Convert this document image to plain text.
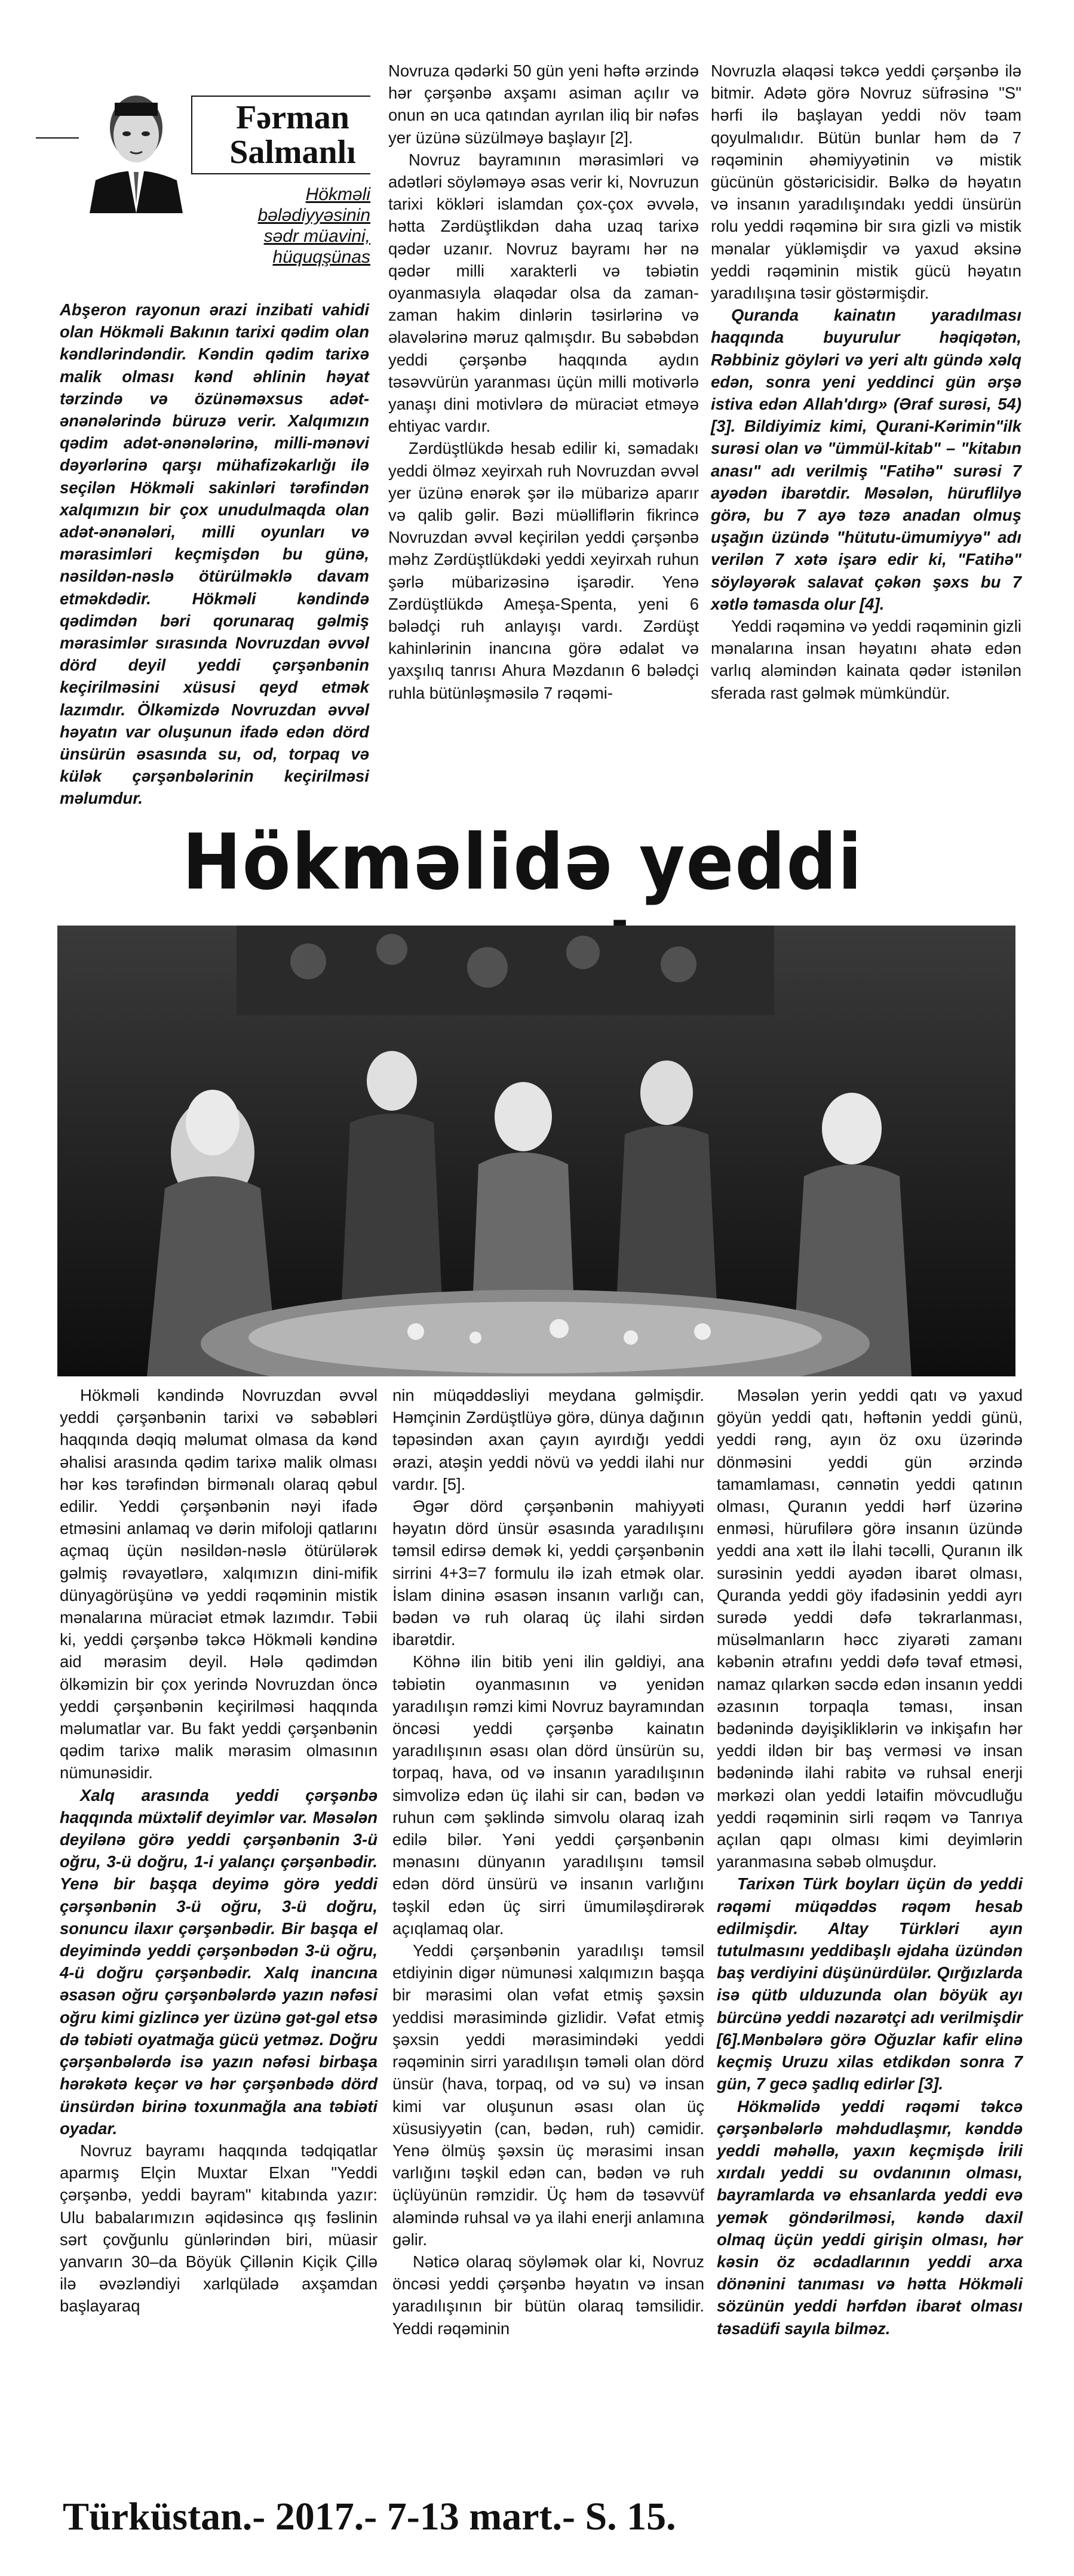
Fərman
Salmanlı
Hökməli bələdiyyəsinin sədr müavini, hüquqşünas

Abşeron rayonun ərazi inzibati vahidi olan Hökməli Bakının tarixi qədim olan kəndlərindəndir. Kəndin qədim tarixə malik olması kənd əhlinin həyat tərzində və özünəməxsus adət-ənənələrində büruzə verir. Xalqımızın qədim adət-ənənələrinə, milli-mənəvi dəyərlərinə qarşı mühafizəkarlığı ilə seçilən Hökməli sakinləri tərəfindən xalqımızın bir çox unudulmaqda olan adət-ənənələri, milli oyunları və mərasimləri keçmişdən bu günə, nəsildən-nəslə ötürülməklə davam etməkdədir. Hökməli kəndində qədimdən bəri qorunaraq gəlmiş mərasimlər sırasında Novruzdan əvvəl dörd deyil yeddi çərşənbənin keçirilməsini xüsusi qeyd etmək lazımdır. Ölkəmizdə Novruzdan əvvəl həyatın var oluşunun ifadə edən dörd ünsürün əsasında su, od, torpaq və külək çərşənbələrinin keçirilməsi məlumdur.

Novruza qədərki 50 gün yeni həftə ərzində hər çərşənbə axşamı asiman açılır və onun ən uca qatından ayrılan iliq bir nəfəs yer üzünə süzülməyə başlayır [2].

Novruz bayramının mərasimləri və adətləri söyləməyə əsas verir ki, Novruzun tarixi kökləri islamdan çox-çox əvvələ, hətta Zərdüştlikdən daha uzaq tarixə qədər uzanır. Novruz bayramı hər nə qədər milli xarakterli və təbiətin oyanmasıyla əlaqədar olsa da zaman-zaman hakim dinlərin təsirlərinə və əlavələrinə məruz qalmışdır. Bu səbəbdən yeddi çərşənbə haqqında aydın təsəvvürün yaranması üçün milli motivərlə yanaşı dini motivlərə də müraciət etməyə ehtiyac vardır.

Zərdüştlükdə hesab edilir ki, səmadakı yeddi ölməz xeyirxah ruh Novruzdan əvvəl yer üzünə enərək şər ilə mübarizə aparır və qalib gəlir. Bəzi müəlliflərin fikrincə Novruzdan əvvəl keçirilən yeddi çərşənbə məhz Zərdüştlükdəki yeddi xeyirxah ruhun şərlə mübarizəsinə işarədir. Yenə Zərdüştlükdə Ameşa-Spenta, yeni 6 bələdçi ruh anlayışı vardı. Zərdüşt kahinlərinin inancına görə ədalət və yaxşılıq tanrısı Ahura Məzdanın 6 bələdçi ruhla bütünləşməsilə 7 rəqəmi-

Novruzla əlaqəsi təkcə yeddi çərşənbə ilə bitmir. Adətə görə Novruz süfrəsinə "S" hərfi ilə başlayan yeddi növ təam qoyulmalıdır. Bütün bunlar həm də 7 rəqəminin əhəmiyyətinin və mistik gücünün göstəricisidir. Bəlkə də həyatın və insanın yaradılışındakı yeddi ünsürün rolu yeddi rəqəminə bir sıra gizli və mistik mənalar yükləmişdir və yaxud əksinə yeddi rəqəminin mistik gücü həyatın yaradılışına təsir göstərmişdir.

Quranda kainatın yaradılması haqqında buyurulur həqiqətən, Rəbbiniz göyləri və yeri altı gündə xəlq edən, sonra yeni yeddinci gün ərşə istiva edən Allah'dırg» (Əraf surəsi, 54) [3]. Bildiyimiz kimi, Qurani-Kərimin"ilk surəsi olan və "ümmül-kitab" – "kitabın anası" adı verilmiş "Fatihə" surəsi 7 ayədən ibarətdir. Məsələn, hüruflilyə görə, bu 7 ayə təzə anadan olmuş uşağın üzündə "hütutu-ümumiyyə" adı verilən 7 xətə işarə edir ki, "Fatihə" söyləyərək salavat çəkən şəxs bu 7 xətlə təmasda olur [4].

Yeddi rəqəminə və yeddi rəqəminin gizli mənalarına insan həyatını əhatə edən varlıq aləmindən kainata qədər istənilən sferada rast gəlmək mümkündür.

Hökməlidə yeddi

Hökməli kəndində Novruzdan əvvəl yeddi çərşənbənin tarixi və səbəbləri haqqında dəqiq məlumat olmasa da kənd əhalisi arasında qədim tarixə malik olması hər kəs tərəfindən birmənalı olaraq qəbul edilir. Yeddi çərşənbənin nəyi ifadə etməsini anlamaq və dərin mifoloji qatlarını açmaq üçün nəsildən-nəslə ötürülərək gəlmiş rəvayətlərə, xalqımızın dini-mifik dünyagörüşünə və yeddi rəqəminin mistik mənalarına müraciət etmək lazımdır. Təbii ki, yeddi çərşənbə təkcə Hökməli kəndinə aid mərasim deyil. Hələ qədimdən ölkəmizin bir çox yerində Novruzdan öncə yeddi çərşənbənin keçirilməsi haqqında məlumatlar var. Bu fakt yeddi çərşənbənin qədim tarixə malik mərasim olmasının nümunəsidir.

Xalq arasında yeddi çərşənbə haqqında müxtəlif deyimlər var. Məsələn deyilənə görə yeddi çərşənbənin 3-ü oğru, 3-ü doğru, 1-i yalançı çərşənbədir. Yenə bir başqa deyimə görə yeddi çərşənbənin 3-ü oğru, 3-ü doğru, sonuncu ilaxır çərşənbədir. Bir başqa el deyimində yeddi çərşənbədən 3-ü oğru, 4-ü doğru çərşənbədir. Xalq inancına əsasən oğru çərşənbələrdə yazın nəfəsi oğru kimi gizlincə yer üzünə gət-gəl etsə də təbiəti oyatmağa gücü yetməz. Doğru çərşənbələrdə isə yazın nəfəsi birbaşa hərəkətə keçər və hər çərşənbədə dörd ünsürdən birinə toxunmağla ana təbiəti oyadar.

Novruz bayramı haqqında tədqiqatlar aparmış Elçin Muxtar Elxan "Yeddi çərşənbə, yeddi bayram" kitabında yazır: Ulu babalarımızın əqidəsincə qış fəslinin sərt çovğunlu günlərindən biri, müasir yanvarın 30–da Böyük Çillənin Kiçik Çillə ilə əvəzləndiyi xarlqüladə axşamdan başlayaraq

nin müqəddəsliyi meydana gəlmişdir. Həmçinin Zərdüştlüyə görə, dünya dağının təpəsindən axan çayın ayırdığı yeddi ərazi, atəşin yeddi növü və yeddi ilahi nur vardır. [5].

Əgər dörd çərşənbənin mahiyyəti həyatın dörd ünsür əsasında yaradılışını təmsil edirsə demək ki, yeddi çərşənbənin sirrini 4+3=7 formulu ilə izah etmək olar. İslam dininə əsasən insanın varlığı can, bədən və ruh olaraq üç ilahi sirdən ibarətdir.

Köhnə ilin bitib yeni ilin gəldiyi, ana təbiətin oyanmasının və yenidən yaradılışın rəmzi kimi Novruz bayramından öncəsi yeddi çərşənbə kainatın yaradılışının əsası olan dörd ünsürün su, torpaq, hava, od və insanın yaradılışının simvolizə edən üç ilahi sir can, bədən və ruhun cəm şəklində simvolu olaraq izah edilə bilər. Yəni yeddi çərşənbənin mənasını dünyanın yaradılışını təmsil edən dörd ünsürü və insanın varlığını təşkil edən üç sirri ümumiləşdirərək açıqlamaq olar.

Yeddi çərşənbənin yaradılışı təmsil etdiyinin digər nümunəsi xalqımızın başqa bir mərasimi olan vəfat etmiş şəxsin yeddisi mərasimində gizlidir. Vəfat etmiş şəxsin yeddi mərasimindəki yeddi rəqəminin sirri yaradılışın təməli olan dörd ünsür (hava, torpaq, od və su) və insan kimi var oluşunun əsası olan üç xüsusiyyətin (can, bədən, ruh) cəmidir. Yenə ölmüş şəxsin üç mərasimi insan varlığını təşkil edən can, bədən və ruh üçlüyünün rəmzidir. Üç həm də təsəvvüf aləmində ruhsal və ya ilahi enerji anlamına gəlir.

Nəticə olaraq söyləmək olar ki, Novruz öncəsi yeddi çərşənbə həyatın və insan yaradılışının bir bütün olaraq təmsilidir. Yeddi rəqəminin

Məsələn yerin yeddi qatı və yaxud göyün yeddi qatı, həftənin yeddi günü, yeddi rəng, ayın öz oxu üzərində dönməsini yeddi gün ərzində tamamlaması, cənnətin yeddi qatının olması, Quranın yeddi hərf üzərinə enməsi, hürufilərə görə insanın üzündə yeddi ana xətt ilə İlahi təcəlli, Quranın ilk surəsinin yeddi ayədən ibarət olması, Quranda yeddi göy ifadəsinin yeddi ayrı surədə yeddi dəfə təkrarlanması, müsəlmanların həcc ziyarəti zamanı kəbənin ətrafını yeddi dəfə təvaf etməsi, namaz qılarkən səcdə edən insanın yeddi əzasının torpaqla təması, insan bədənində dəyişikliklərin və inkişafın hər yeddi ildən bir baş verməsi və insan bədənində ilahi rabitə və ruhsal enerji mərkəzi olan yeddi lətaifin mövcudluğu yeddi rəqəminin sirli rəqəm və Tanrıya açılan qapı olması kimi deyimlərin yaranmasına səbəb olmuşdur.

Tarixən Türk boyları üçün də yeddi rəqəmi müqəddəs rəqəm hesab edilmişdir. Altay Türkləri ayın tutulmasını yeddibaşlı əjdaha üzündən baş verdiyini düşünürdülər. Qırğızlarda isə qütb ulduzunda olan böyük ayı bürcünə yeddi nəzarətçi adı verilmişdir [6].Mənbələrə görə Oğuzlar kafir elinə keçmiş Uruzu xilas etdikdən sonra 7 gün, 7 gecə şadlıq edirlər [3].

Hökməlidə yeddi rəqəmi təkcə çərşənbələrlə məhdudlaşmır, kənddə yeddi məhəllə, yaxın keçmişdə İrili xırdalı yeddi su ovdanının olması, bayramlarda və ehsanlarda yeddi evə yemək göndərilməsi, kəndə daxil olmaq üçün yeddi girişin olması, hər kəsin öz əcdadlarının yeddi arxa dönənini tanıması və hətta Hökməli sözünün yeddi hərfdən ibarət olması təsadüfi sayıla bilməz.

Türküstan.- 2017.- 7-13 mart.- S. 15.
